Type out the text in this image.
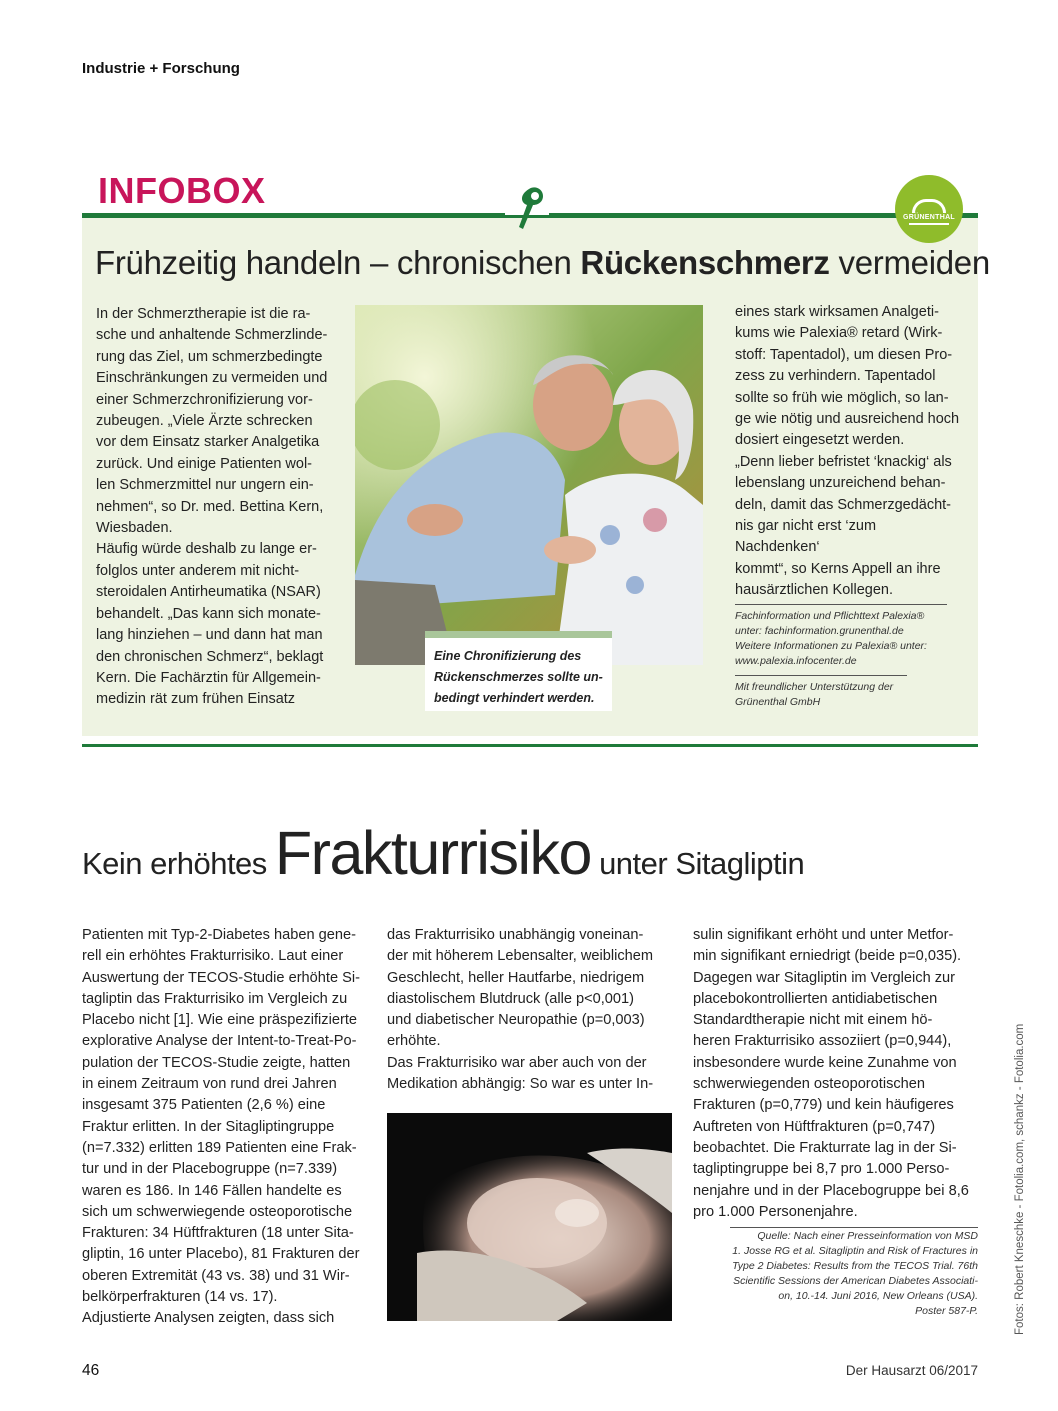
Industrie + Forschung
INFOBOX
GRÜNENTHAL
Frühzeitig handeln – chronischen Rückenschmerz vermeiden
In der Schmerztherapie ist die ra-
sche und anhaltende Schmerzlinde-
rung das Ziel, um schmerzbedingte
Einschränkungen zu vermeiden und
einer Schmerzchronifizierung vor-
zubeugen. „Viele Ärzte schrecken
vor dem Einsatz starker Analgetika
zurück. Und einige Patienten wol-
len Schmerzmittel nur ungern ein-
nehmen“, so Dr. med. Bettina Kern,
Wiesbaden.
Häufig würde deshalb zu lange er-
folglos unter anderem mit nicht-
steroidalen Antirheumatika (NSAR)
behandelt. „Das kann sich monate-
lang hinziehen – und dann hat man
den chronischen Schmerz“, beklagt
Kern. Die Fachärztin für Allgemein-
medizin rät zum frühen Einsatz
Eine Chronifizierung des
Rückenschmerzes sollte un-
bedingt verhindert werden.
eines stark wirksamen Analgeti-
kums wie Palexia® retard (Wirk-
stoff: Tapentadol), um diesen Pro-
zess zu verhindern. Tapentadol
sollte so früh wie möglich, so lan-
ge wie nötig und ausreichend hoch
dosiert eingesetzt werden.
„Denn lieber befristet ‘knackig‘ als
lebenslang unzureichend behan-
deln, damit das Schmerzgedächt-
nis gar nicht erst ‘zum Nachdenken‘
kommt“, so Kerns Appell an ihre
hausärztlichen Kollegen.
Fachinformation und Pflichttext Palexia®
unter: fachinformation.grunenthal.de
Weitere Informationen zu Palexia® unter:
www.palexia.infocenter.de
Mit freundlicher Unterstützung der
Grünenthal GmbH
Kein erhöhtes Frakturrisiko unter Sitagliptin
Patienten mit Typ-2-Diabetes haben gene-
rell ein erhöhtes Frakturrisiko. Laut einer
Auswertung der TECOS-Studie erhöhte Si-
tagliptin das Frakturrisiko im Vergleich zu
Placebo nicht [1]. Wie eine präspezifizierte
explorative Analyse der Intent-to-Treat-Po-
pulation der TECOS-Studie zeigte, hatten
in einem Zeitraum von rund drei Jahren
insgesamt 375 Patienten (2,6 %) eine
Fraktur erlitten. In der Sitagliptingruppe
(n=7.332) erlitten 189 Patienten eine Frak-
tur und in der Placebogruppe (n=7.339)
waren es 186. In 146 Fällen handelte es
sich um schwerwiegende osteoporotische
Frakturen: 34 Hüftfrakturen (18 unter Sita-
gliptin, 16 unter Placebo), 81 Frakturen der
oberen Extremität (43 vs. 38) und 31 Wir-
belkörperfrakturen (14 vs. 17).
Adjustierte Analysen zeigten, dass sich
das Frakturrisiko unabhängig voneinan-
der mit höherem Lebensalter, weiblichem
Geschlecht, heller Hautfarbe, niedrigem
diastolischem Blutdruck (alle p<0,001)
und diabetischer Neuropathie (p=0,003)
erhöhte.
Das Frakturrisiko war aber auch von der
Medikation abhängig: So war es unter In-
sulin signifikant erhöht und unter Metfor-
min signifikant erniedrigt (beide p=0,035).
Dagegen war Sitagliptin im Vergleich zur
placebokontrollierten antidiabetischen
Standardtherapie nicht mit einem hö-
heren Frakturrisiko assoziiert (p=0,944),
insbesondere wurde keine Zunahme von
schwerwiegenden osteoporotischen
Frakturen (p=0,779) und kein häufigeres
Auftreten von Hüftfrakturen (p=0,747)
beobachtet. Die Frakturrate lag in der Si-
tagliptingruppe bei 8,7 pro 1.000 Perso-
nenjahre und in der Placebogruppe bei 8,6
pro 1.000 Personenjahre.
Quelle: Nach einer Presseinformation von MSD
1. Josse RG et al. Sitagliptin and Risk of Fractures in
Type 2 Diabetes: Results from the TECOS Trial. 76th
Scientific Sessions der American Diabetes Associati-
on, 10.-14. Juni 2016, New Orleans (USA).
Poster 587-P.	Fotos: Robert Kneschke - Fotolia.com, schankz - Fotolia.com
46	Der Hausarzt 06/2017
